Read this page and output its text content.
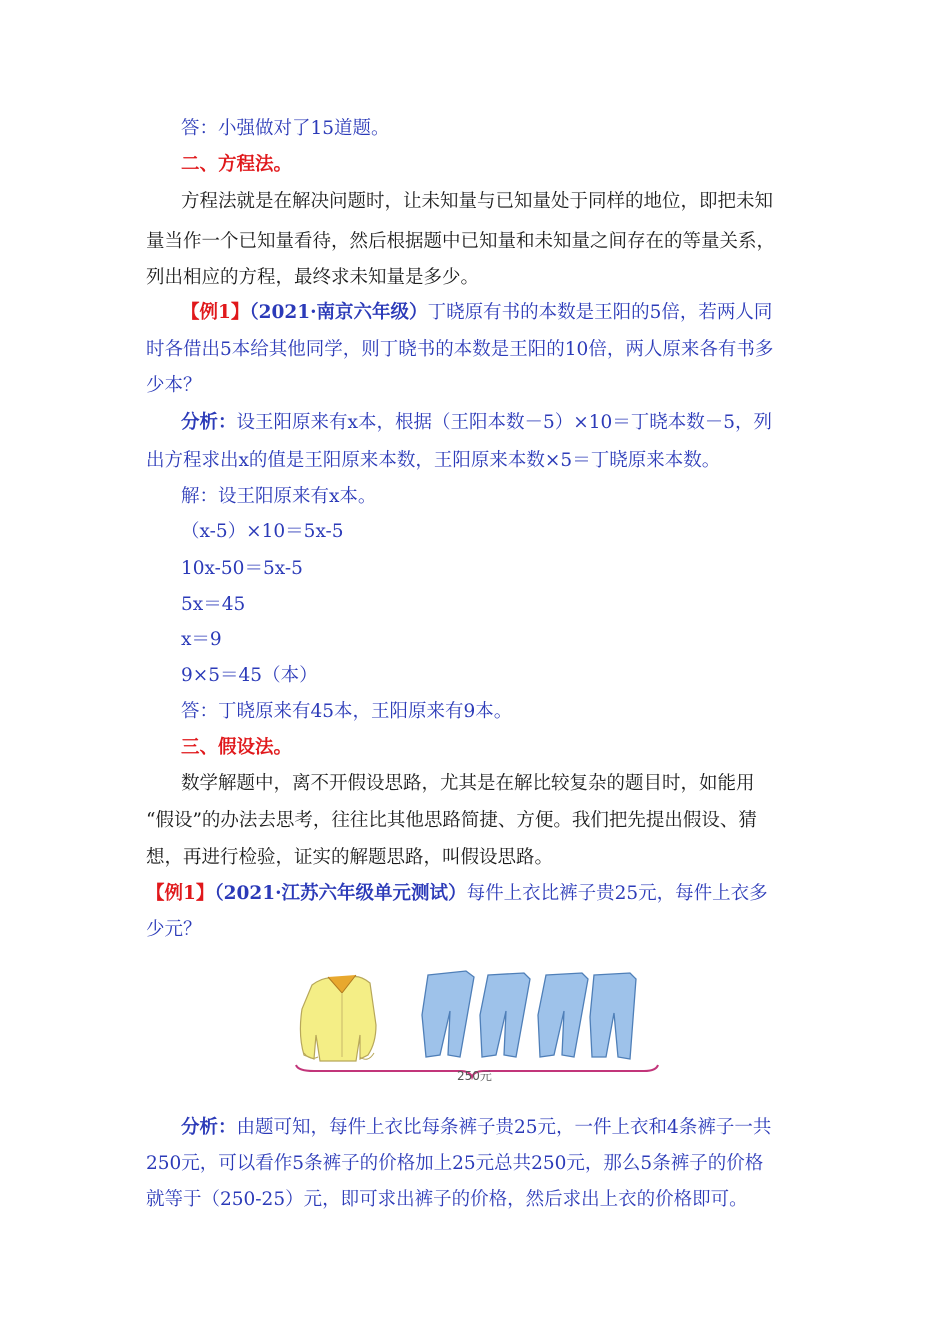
答：小强做对了15道题。
二、方程法。
方程法就是在解决问题时，让未知量与已知量处于同样的地位，即把未知
量当作一个已知量看待，然后根据题中已知量和未知量之间存在的等量关系，
列出相应的方程，最终求未知量是多少。
【例1】（2021·南京六年级）丁晓原有书的本数是王阳的5倍，若两人同
时各借出5本给其他同学，则丁晓书的本数是王阳的10倍，两人原来各有书多
少本？
分析：设王阳原来有x本，根据（王阳本数－5）×10＝丁晓本数－5，列
出方程求出x的值是王阳原来本数，王阳原来本数×5＝丁晓原来本数。
解：设王阳原来有x本。
（x-5）×10＝5x-5
10x-50＝5x-5
5x＝45
x＝9
9×5＝45（本）
答：丁晓原来有45本，王阳原来有9本。
三、假设法。
数学解题中，离不开假设思路，尤其是在解比较复杂的题目时，如能用
“假设”的办法去思考，往往比其他思路简捷、方便。我们把先提出假设、猜
想，再进行检验，证实的解题思路，叫假设思路。
【例1】（2021·江苏六年级单元测试）每件上衣比裤子贵25元，每件上衣多
少元？
250元
分析：由题可知，每件上衣比每条裤子贵25元，一件上衣和4条裤子一共
250元，可以看作5条裤子的价格加上25元总共250元，那么5条裤子的价格
就等于（250-25）元，即可求出裤子的价格，然后求出上衣的价格即可。
